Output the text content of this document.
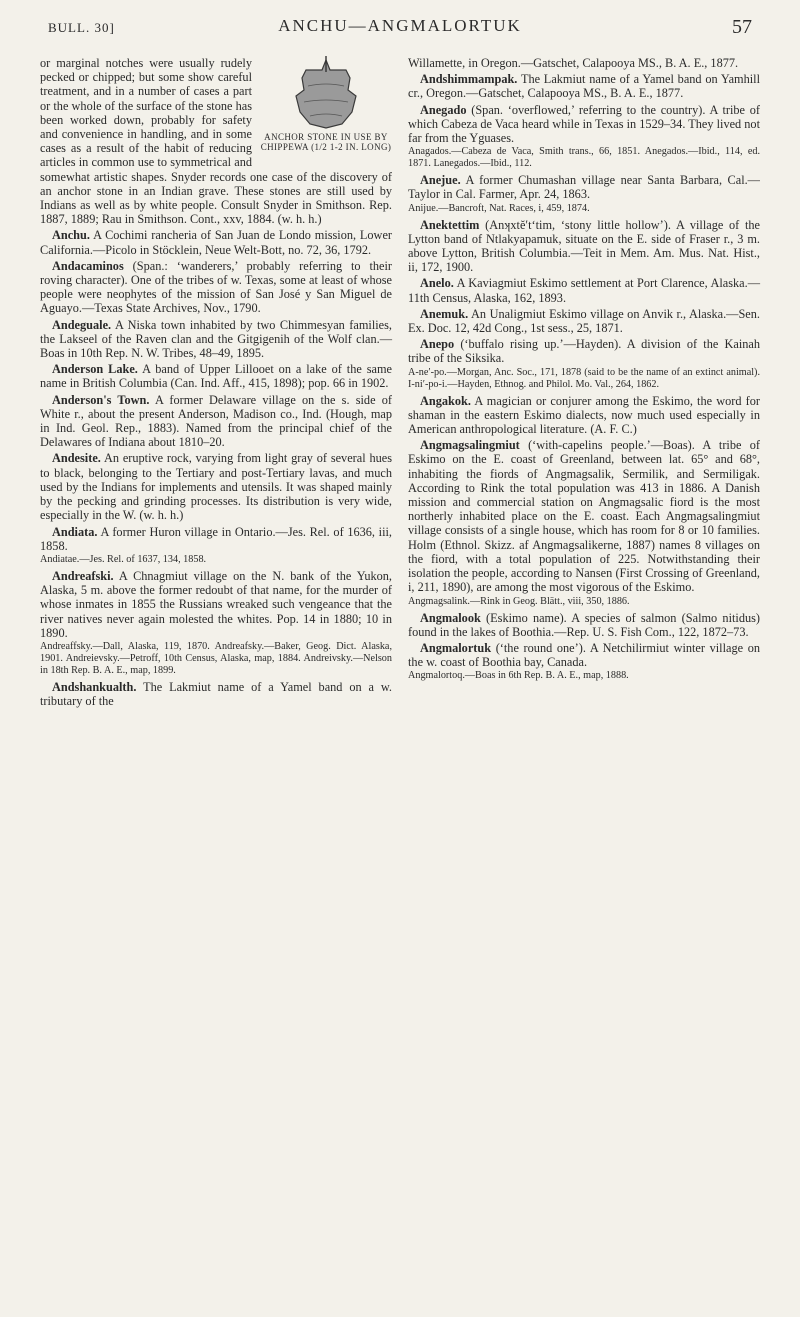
BULL. 30]	ANCHU—ANGMALORTUK	57

ANCHOR STONE IN USE BY CHIPPEWA (1/2 1-2 IN. LONG)
or marginal notches were usually rudely pecked or chipped; but some show careful treatment, and in a number of cases a part or the whole of the surface of the stone has been worked down, probably for safety and convenience in handling, and in some cases as a result of the habit of reducing articles in common use to symmetrical and somewhat artistic shapes. Snyder records one case of the discovery of an anchor stone in an Indian grave. These stones are still used by Indians as well as by white people. Consult Snyder in Smithson. Rep. 1887, 1889; Rau in Smithson. Cont., xxv, 1884. (w. h. h.)

Anchu. A Cochimi rancheria of San Juan de Londo mission, Lower California.—Picolo in Stöcklein, Neue Welt-Bott, no. 72, 36, 1792.

Andacaminos (Span.: ‘wanderers,’ probably referring to their roving character). One of the tribes of w. Texas, some at least of whose people were neophytes of the mission of San José y San Miguel de Aguayo.—Texas State Archives, Nov., 1790.

Andeguale. A Niska town inhabited by two Chimmesyan families, the Lakseel of the Raven clan and the Gitgigenih of the Wolf clan.—Boas in 10th Rep. N. W. Tribes, 48–49, 1895.

Anderson Lake. A band of Upper Lillooet on a lake of the same name in British Columbia (Can. Ind. Aff., 415, 1898); pop. 66 in 1902.

Anderson's Town. A former Delaware village on the s. side of White r., about the present Anderson, Madison co., Ind. (Hough, map in Ind. Geol. Rep., 1883). Named from the principal chief of the Delawares of Indiana about 1810–20.

Andesite. An eruptive rock, varying from light gray of several hues to black, belonging to the Tertiary and post-Tertiary lavas, and much used by the Indians for implements and utensils. It was shaped mainly by the pecking and grinding processes. Its distribution is very wide, especially in the W. (w. h. h.)

Andiata. A former Huron village in Ontario.—Jes. Rel. of 1636, iii, 1858.

Andiatae.—Jes. Rel. of 1637, 134, 1858.

Andreafski. A Chnagmiut village on the N. bank of the Yukon, Alaska, 5 m. above the former redoubt of that name, for the murder of whose inmates in 1855 the Russians wreaked such vengeance that the river natives never again molested the whites. Pop. 14 in 1880; 10 in 1890.

Andreaffsky.—Dall, Alaska, 119, 1870. Andreafsky.—Baker, Geog. Dict. Alaska, 1901. Andreievsky.—Petroff, 10th Census, Alaska, map, 1884. Andreivsky.—Nelson in 18th Rep. B. A. E., map, 1899.

Andshankualth. The Lakmiut name of a Yamel band on a w. tributary of the

Willamette, in Oregon.—Gatschet, Calapooya MS., B. A. E., 1877.

Andshimmampak. The Lakmiut name of a Yamel band on Yamhill cr., Oregon.—Gatschet, Calapooya MS., B. A. E., 1877.

Anegado (Span. ‘overflowed,’ referring to the country). A tribe of which Cabeza de Vaca heard while in Texas in 1529–34. They lived not far from the Yguases.

Anagados.—Cabeza de Vaca, Smith trans., 66, 1851. Anegados.—Ibid., 114, ed. 1871. Lanegados.—Ibid., 112.

Anejue. A former Chumashan village near Santa Barbara, Cal.—Taylor in Cal. Farmer, Apr. 24, 1863.

Anijue.—Bancroft, Nat. Races, i, 459, 1874.

Anektettim (Anʞxtĕ′tʻtim, ‘stony little hollow’). A village of the Lytton band of Ntlakyapamuk, situate on the E. side of Fraser r., 3 m. above Lytton, British Columbia.—Teit in Mem. Am. Mus. Nat. Hist., ii, 172, 1900.

Anelo. A Kaviagmiut Eskimo settlement at Port Clarence, Alaska.—11th Census, Alaska, 162, 1893.

Anemuk. An Unaligmiut Eskimo village on Anvik r., Alaska.—Sen. Ex. Doc. 12, 42d Cong., 1st sess., 25, 1871.

Anepo (‘buffalo rising up.’—Hayden). A division of the Kainah tribe of the Siksika.

A-ne′-po.—Morgan, Anc. Soc., 171, 1878 (said to be the name of an extinct animal). I-ni′-po-i.—Hayden, Ethnog. and Philol. Mo. Val., 264, 1862.

Angakok. A magician or conjurer among the Eskimo, the word for shaman in the eastern Eskimo dialects, now much used especially in American anthropological literature. (A. F. C.)

Angmagsalingmiut (‘with-capelins people.’—Boas). A tribe of Eskimo on the E. coast of Greenland, between lat. 65° and 68°, inhabiting the fiords of Angmagsalik, Sermilik, and Sermiligak. According to Rink the total population was 413 in 1886. A Danish mission and commercial station on Angmagsalic fiord is the most northerly inhabited place on the E. coast. Each Angmagsalingmiut village consists of a single house, which has room for 8 or 10 families. Holm (Ethnol. Skizz. af Angmagsalikerne, 1887) names 8 villages on the fiord, with a total population of 225. Notwithstanding their isolation the people, according to Nansen (First Crossing of Greenland, i, 211, 1890), are among the most vigorous of the Eskimo.

Angmagsalink.—Rink in Geog. Blätt., viii, 350, 1886.

Angmalook (Eskimo name). A species of salmon (Salmo nitidus) found in the lakes of Boothia.—Rep. U. S. Fish Com., 122, 1872–73.

Angmalortuk (‘the round one’). A Netchilirmiut winter village on the w. coast of Boothia bay, Canada.

Angmalortoq.—Boas in 6th Rep. B. A. E., map, 1888.
